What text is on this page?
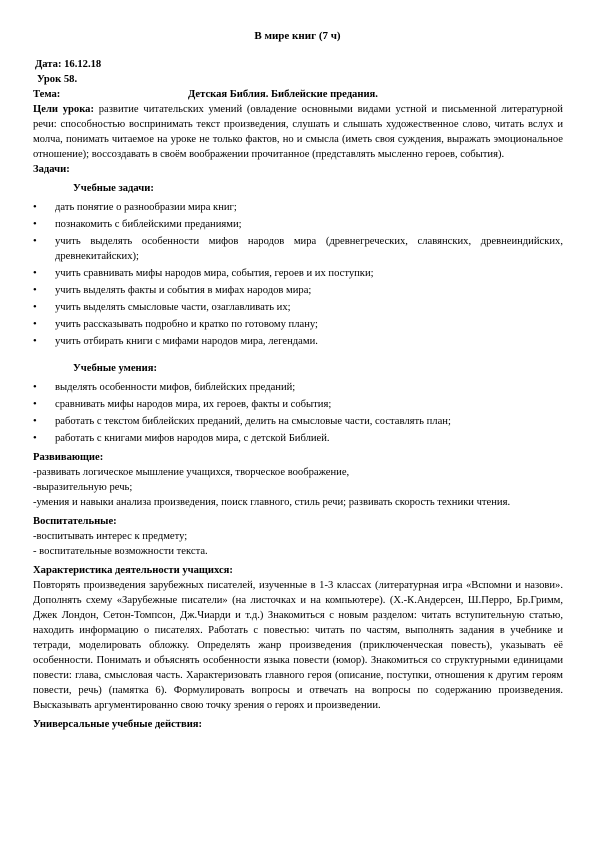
В мире книг (7 ч)

Дата: 16.12.18

Урок 58.

Тема:	Детская Библия. Библейские предания.

Цели урока: развитие читательских умений (овладение основными видами устной и письменной литературной речи: способностью воспринимать текст произведения, слушать и слышать художественное слово, читать вслух и молча, понимать читаемое на уроке не только фактов, но и смысла (иметь своя суждения, выражать эмоциональное отношение); воссоздавать в своём воображении прочитанное (представлять мысленно героев, события).

Задачи:

Учебные задачи:

• дать понятие о разнообразии мира книг;
• познакомить с библейскими преданиями;
• учить выделять особенности мифов народов мира (древнегреческих, славянских, древнеиндийских, древнекитайских);
• учить сравнивать мифы народов мира, события, героев и их поступки;
• учить выделять факты и события в мифах народов мира;
• учить выделять смысловые части, озаглавливать их;
• учить рассказывать подробно и кратко по готовому плану;
• учить отбирать книги с мифами народов мира, легендами.

Учебные умения:

• выделять особенности мифов, библейских преданий;
• сравнивать мифы народов мира, их героев, факты и события;
• работать с текстом библейских преданий, делить на смысловые части, составлять план;
• работать с книгами мифов народов мира, с детской Библией.

Развивающие:

-развивать логическое мышление учащихся, творческое воображение,

-выразительную речь;

-умения и навыки анализа произведения, поиск главного, стиль речи; развивать скорость техники чтения.

Воспитательные:

-воспитывать интерес к предмету;

- воспитательные возможности текста.

Характеристика деятельности учащихся:

Повторять произведения зарубежных писателей, изученные в 1-3 классах (литературная игра «Вспомни и назови». Дополнять схему «Зарубежные писатели» (на листочках и на компьютере). (Х.-К.Андерсен, Ш.Перро, Бр.Гримм, Джек Лондон, Сетон-Томпсон, Дж.Чиарди и т.д.) Знакомиться с новым разделом: читать вступительную статью, находить информацию о писателях. Работать с повестью: читать по частям, выполнять задания в учебнике и тетради, моделировать обложку. Определять жанр произведения (приключенческая повесть), указывать её особенности. Понимать и объяснять особенности языка повести (юмор). Знакомиться со структурными единицами повести: глава, смысловая часть. Характеризовать главного героя (описание, поступки, отношения к другим героям повести, речь) (памятка 6). Формулировать вопросы и отвечать на вопросы по содержанию произведения. Высказывать аргументированно свою точку зрения о героях и произведении.

Универсальные учебные действия:
